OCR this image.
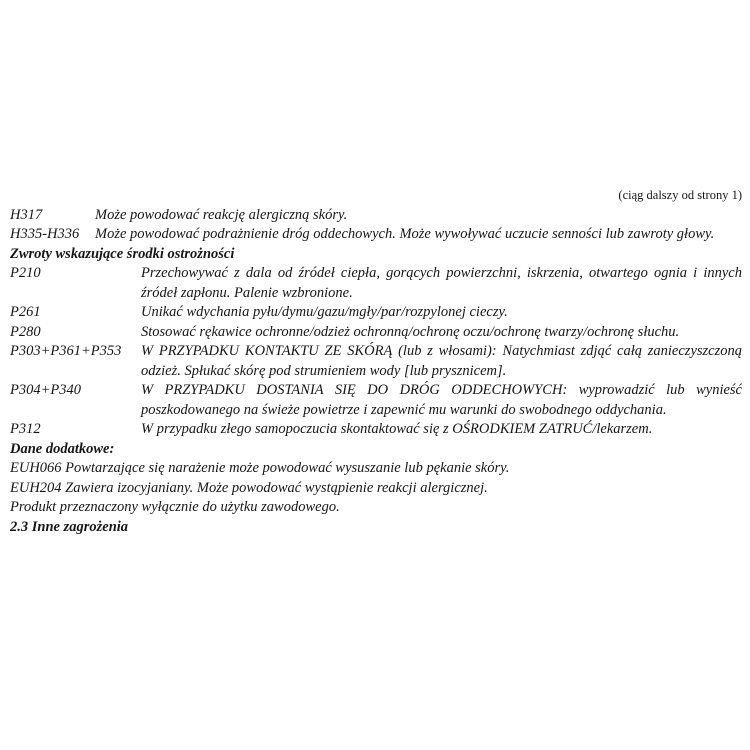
(ciąg dalszy od strony 1)
H317	Może powodować reakcję alergiczną skóry.
H335-H336 Może powodować podrażnienie dróg oddechowych. Może wywoływać uczucie senności lub zawroty głowy.
Zwroty wskazujące środki ostrożności
P210	Przechowywać z dala od źródeł ciepła, gorących powierzchni, iskrzenia, otwartego ognia i innych źródeł zapłonu. Palenie wzbronione.
P261	Unikać wdychania pyłu/dymu/gazu/mgły/par/rozpylonej cieczy.
P280	Stosować rękawice ochronne/odzież ochronną/ochronę oczu/ochronę twarzy/ochronę słuchu.
P303+P361+P353 W PRZYPADKU KONTAKTU ZE SKÓRĄ (lub z włosami): Natychmiast zdjąć całą zanieczyszczoną odzież. Spłukać skórę pod strumieniem wody [lub prysznicem].
P304+P340	W PRZYPADKU DOSTANIA SIĘ DO DRÓG ODDECHOWYCH: wyprowadzić lub wynieść poszkodowanego na świeże powietrze i zapewnić mu warunki do swobodnego oddychania.
P312	W przypadku złego samopoczucia skontaktować się z OŚRODKIEM ZATRUĆ/lekarzem.
Dane dodatkowe:
EUH066 Powtarzające się narażenie może powodować wysuszanie lub pękanie skóry.
EUH204 Zawiera izocyjaniany. Może powodować wystąpienie reakcji alergicznej.
Produkt przeznaczony wyłącznie do użytku zawodowego.
2.3 Inne zagrożenia
